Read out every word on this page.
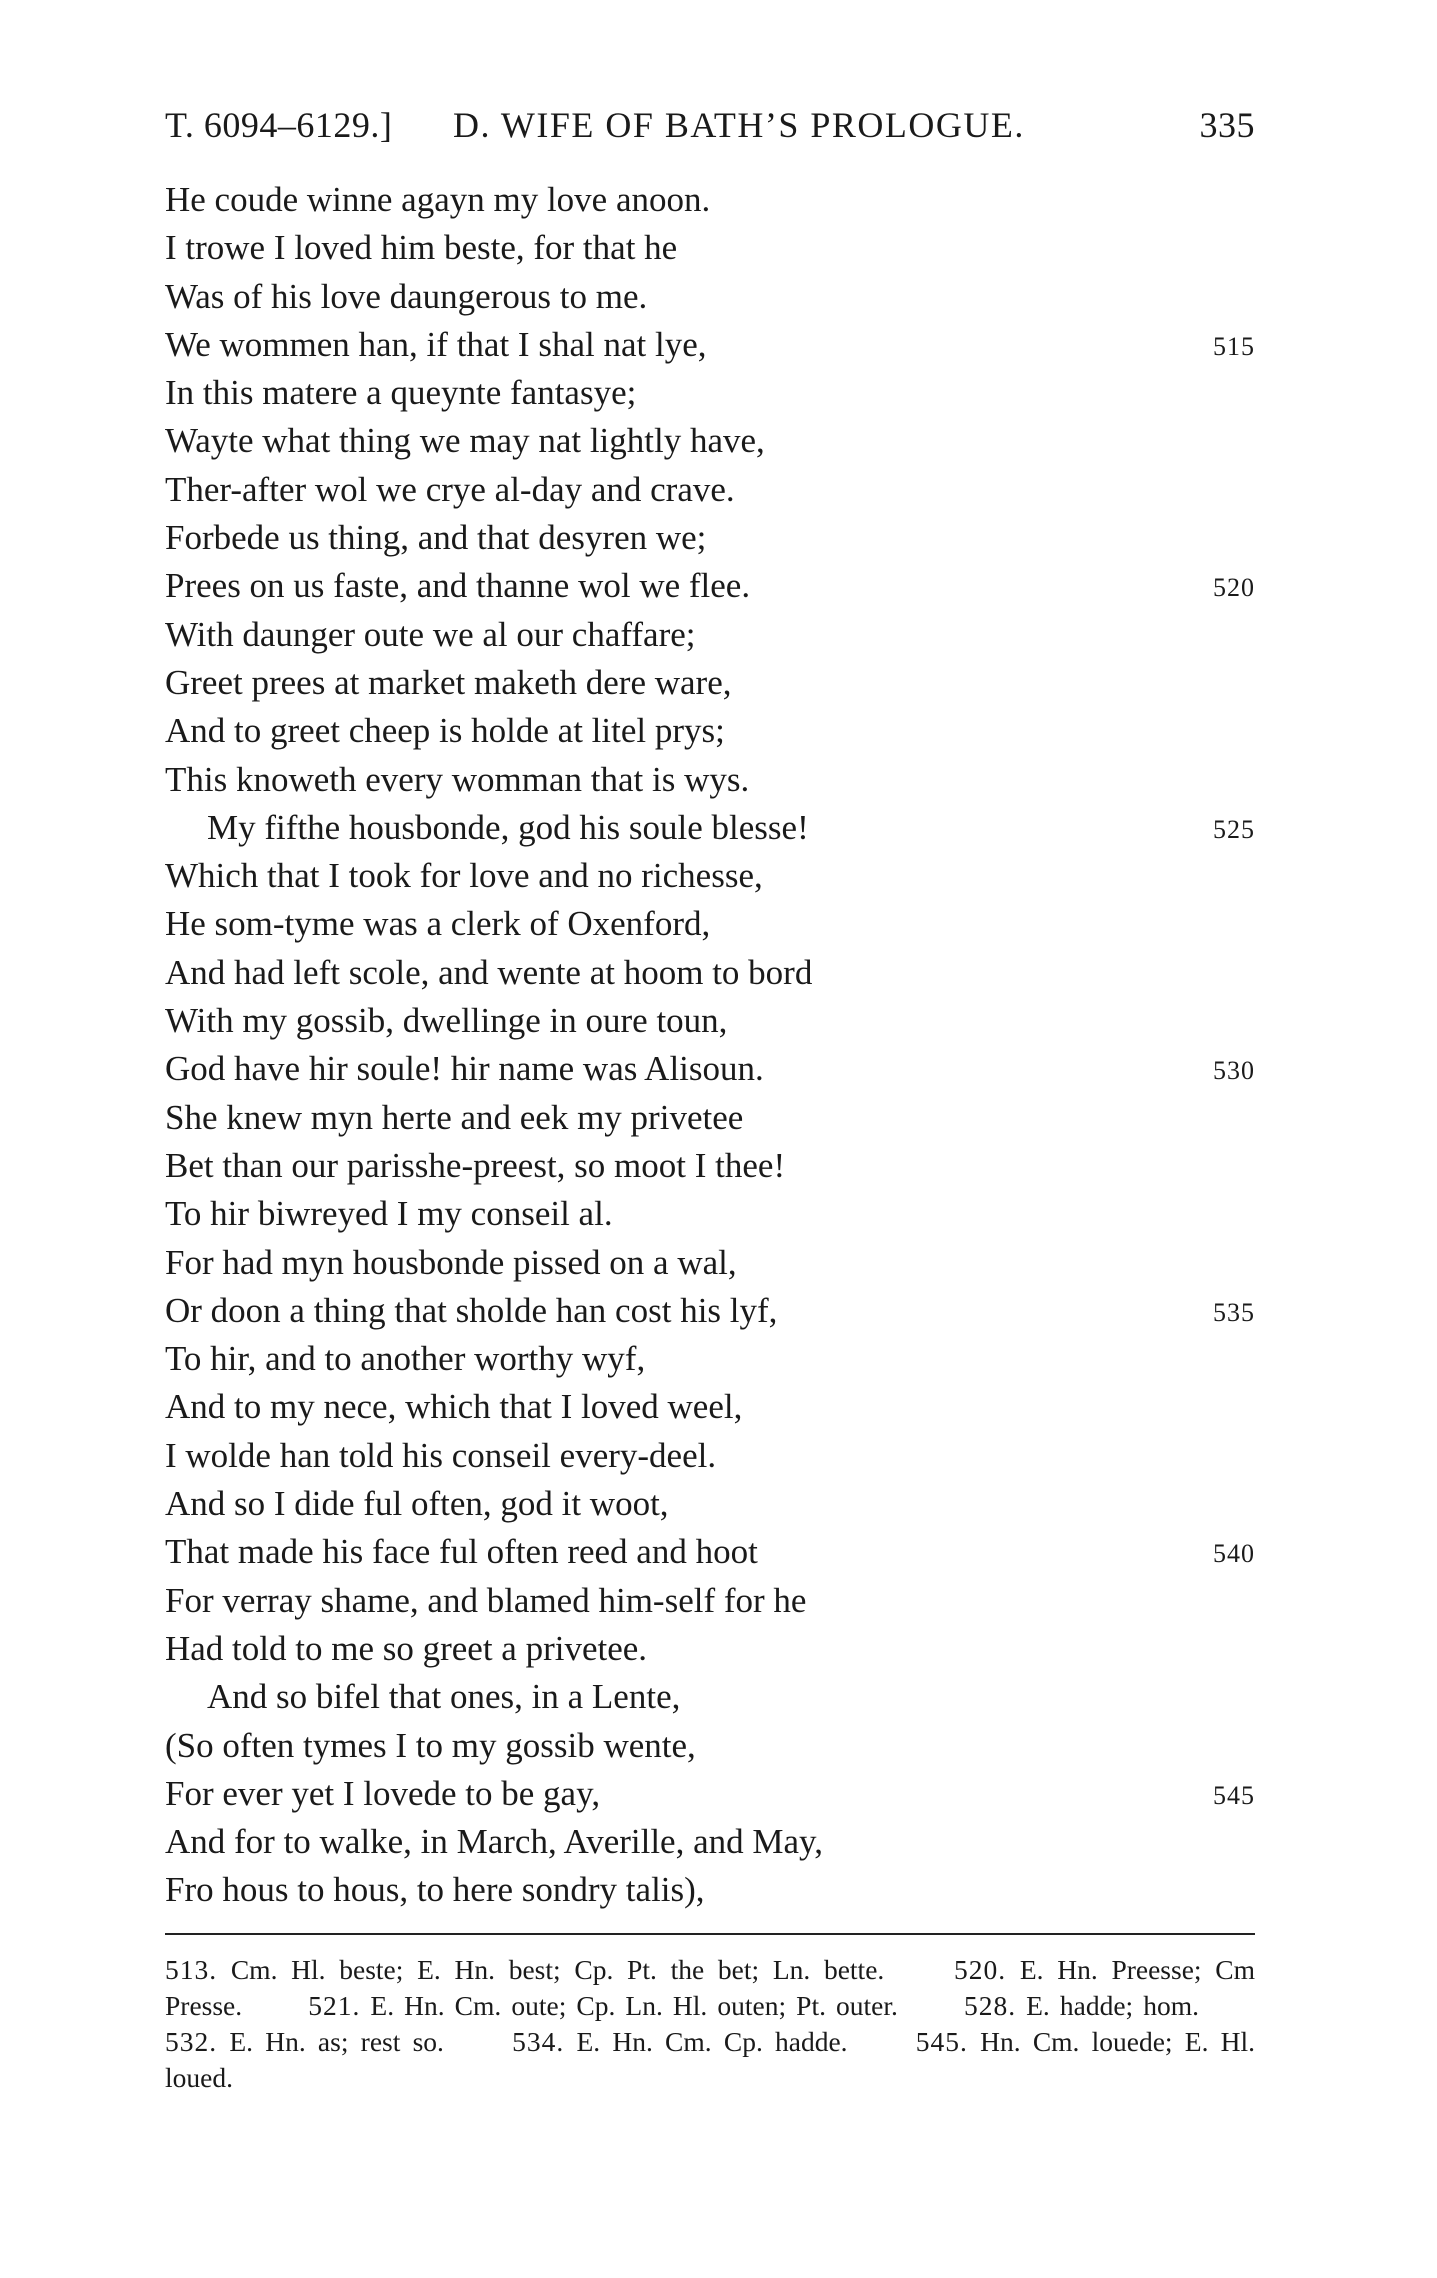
T. 6094–6129.] D. WIFE OF BATH’S PROLOGUE.	335
He coude winne agayn my love anoon.
I trowe I loved him beste, for that he
Was of his love daungerous to me.
We wommen han, if that I shal nat lye,	515
In this matere a queynte fantasye;
Wayte what thing we may nat lightly have,
Ther-after wol we crye al-day and crave.
Forbede us thing, and that desyren we;
Prees on us faste, and thanne wol we flee.	520
With daunger oute we al our chaffare;
Greet prees at market maketh dere ware,
And to greet cheep is holde at litel prys;
This knoweth every womman that is wys.
My fifthe housbonde, god his soule blesse!	525
Which that I took for love and no richesse,
He som-tyme was a clerk of Oxenford,
And had left scole, and wente at hoom to bord
With my gossib, dwellinge in oure toun,
God have hir soule! hir name was Alisoun.	530
She knew myn herte and eek my privetee
Bet than our parisshe-preest, so moot I thee!
To hir biwreyed I my conseil al.
For had myn housbonde pissed on a wal,
Or doon a thing that sholde han cost his lyf,	535
To hir, and to another worthy wyf,
And to my nece, which that I loved weel,
I wolde han told his conseil every-deel.
And so I dide ful often, god it woot,
That made his face ful often reed and hoot	540
For verray shame, and blamed him-self for he
Had told to me so greet a privetee.
And so bifel that ones, in a Lente,
(So often tymes I to my gossib wente,
For ever yet I lovede to be gay,	545
And for to walke, in March, Averille, and May,
Fro hous to hous, to here sondry talis),
513. Cm. Hl. beste; E. Hn. best; Cp. Pt. the bet; Ln. bette.	520. E. Hn. Preesse; Cm Presse. 521. E. Hn. Cm. oute; Cp. Ln. Hl. outen; Pt. outer. 528. E. hadde; hom. 532. E. Hn. as; rest so. 534. E. Hn. Cm. Cp. hadde. 545. Hn. Cm. louede; E. Hl. loued.
